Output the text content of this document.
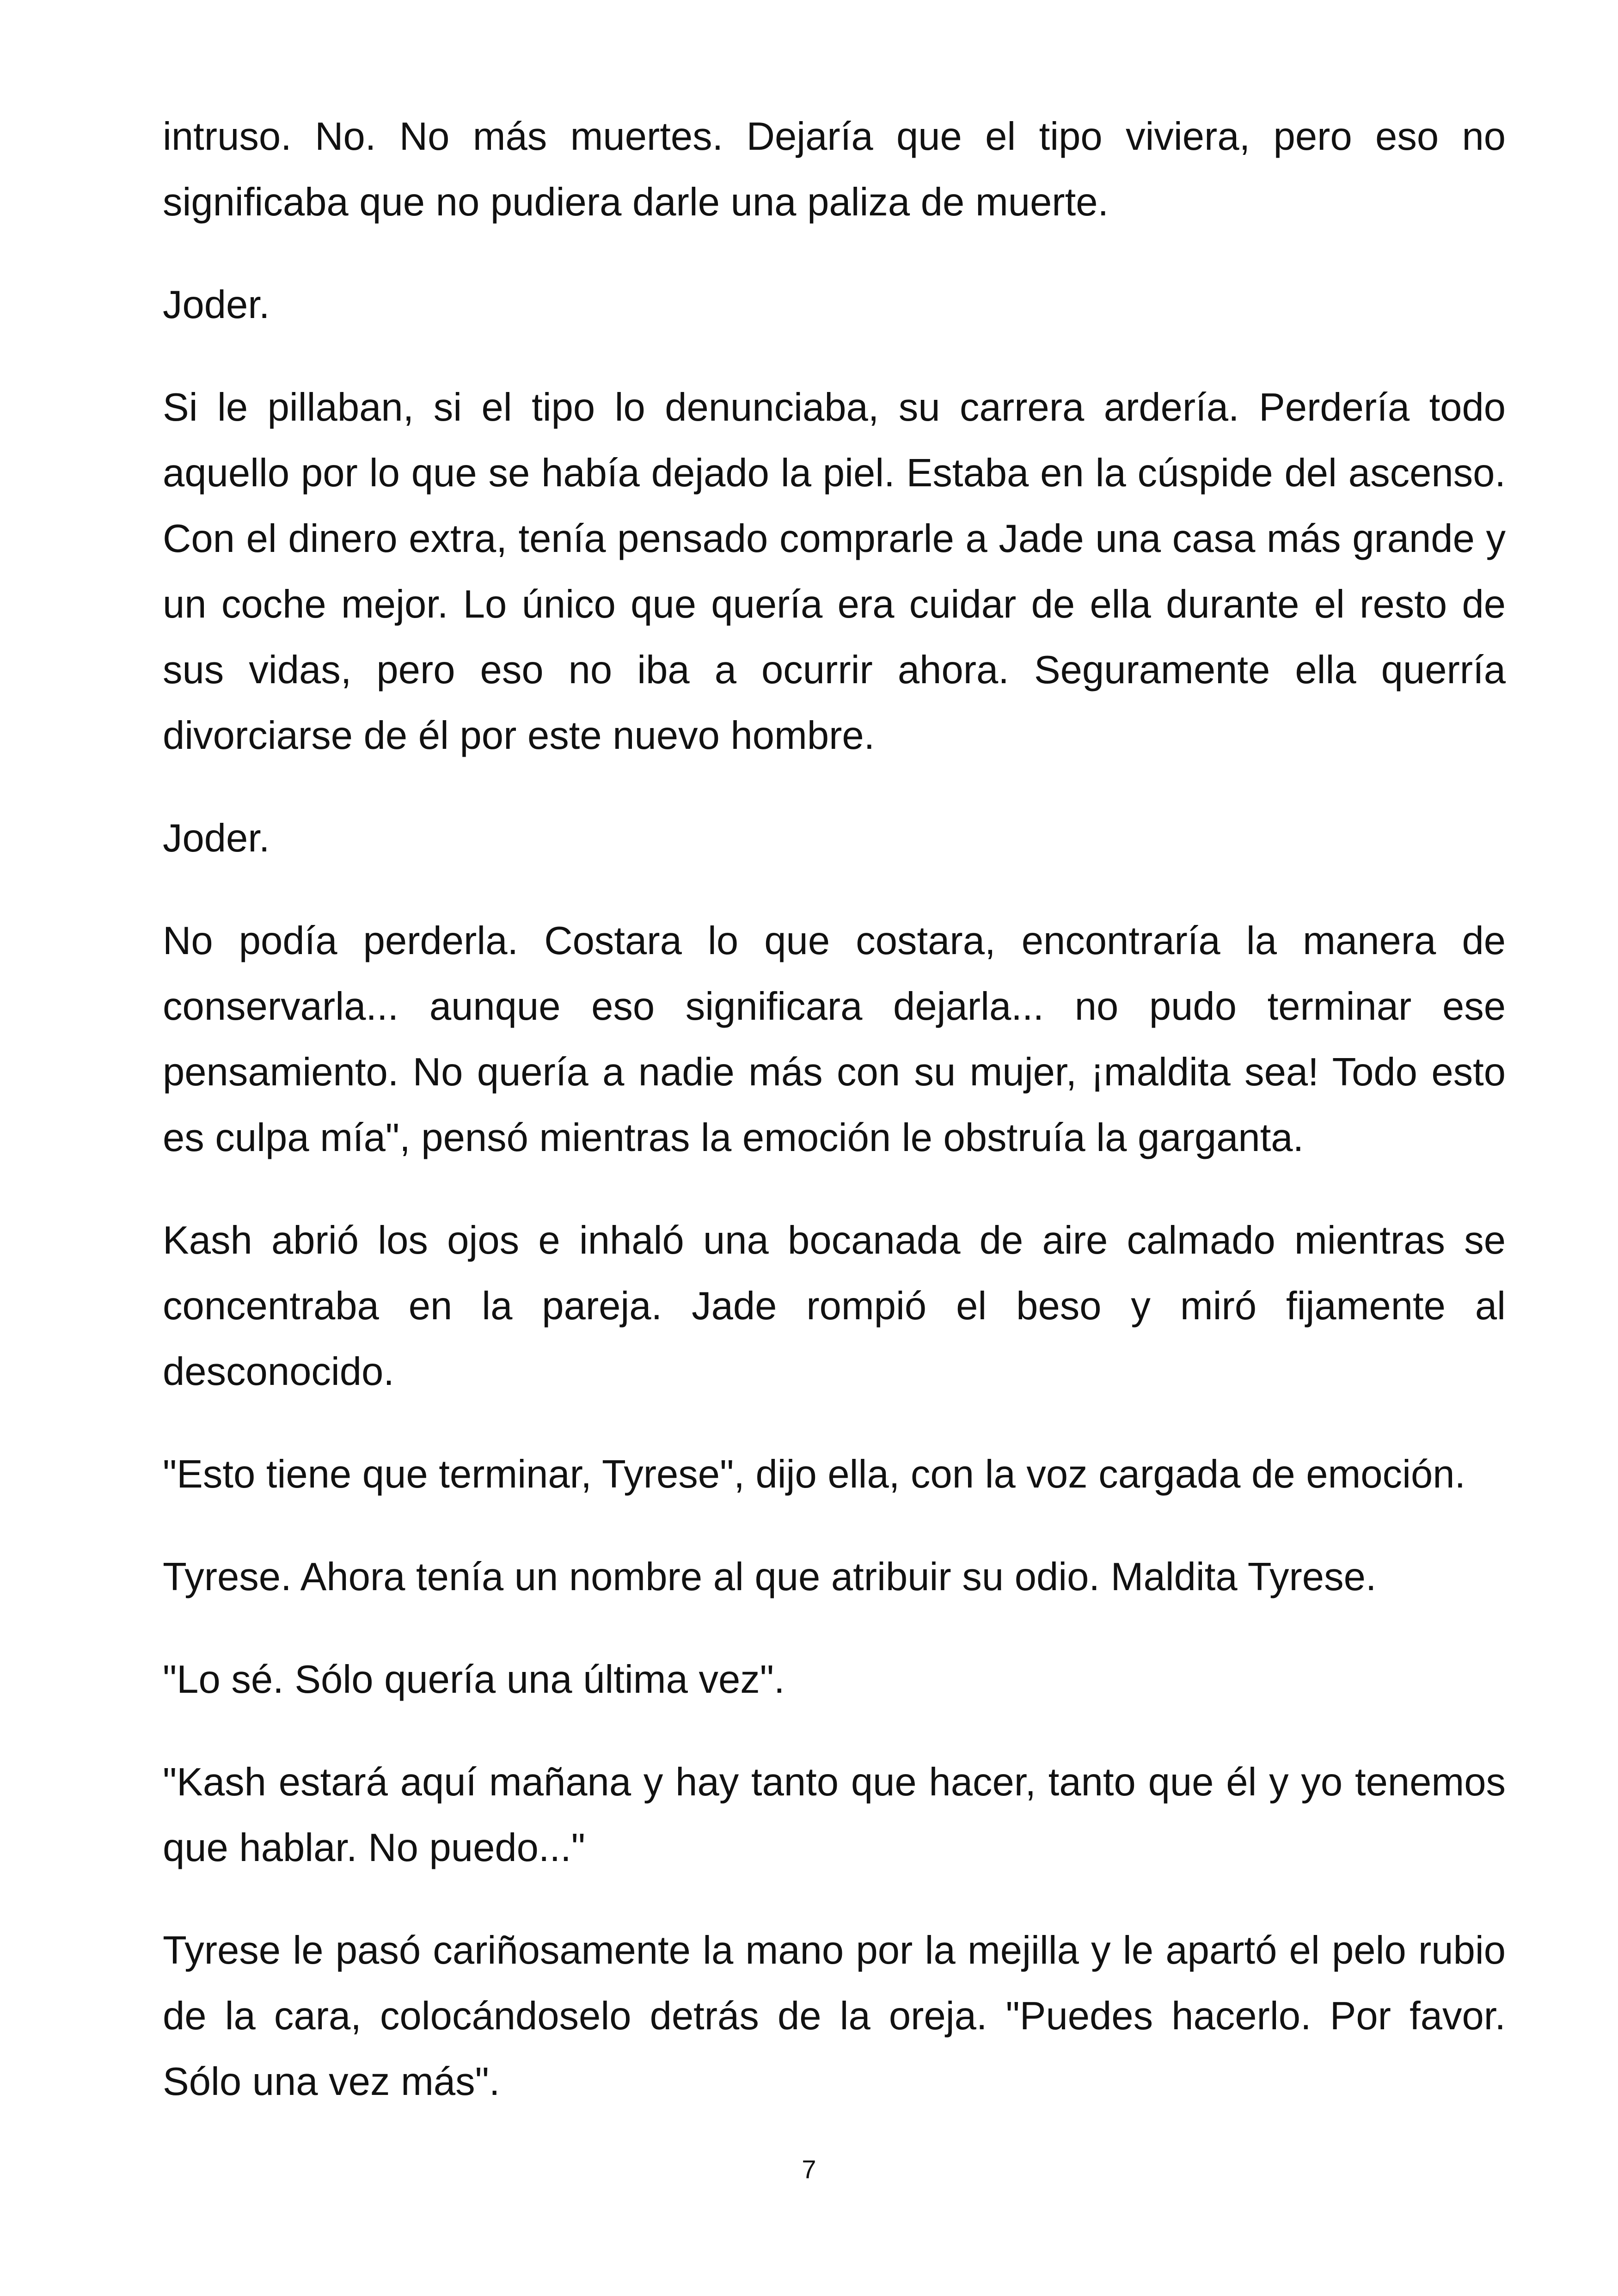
intruso. No. No más muertes. Dejaría que el tipo viviera, pero eso no significaba que no pudiera darle una paliza de muerte.

Joder.

Si le pillaban, si el tipo lo denunciaba, su carrera ardería. Perdería todo aquello por lo que se había dejado la piel. Estaba en la cúspide del ascenso. Con el dinero extra, tenía pensado comprarle a Jade una casa más grande y un coche mejor. Lo único que quería era cuidar de ella durante el resto de sus vidas, pero eso no iba a ocurrir ahora. Seguramente ella querría divorciarse de él por este nuevo hombre.

Joder.

No podía perderla. Costara lo que costara, encontraría la manera de conservarla... aunque eso significara dejarla... no pudo terminar ese pensamiento. No quería a nadie más con su mujer, ¡maldita sea! Todo esto es culpa mía", pensó mientras la emoción le obstruía la garganta.

Kash abrió los ojos e inhaló una bocanada de aire calmado mientras se concentraba en la pareja. Jade rompió el beso y miró fijamente al desconocido.

"Esto tiene que terminar, Tyrese", dijo ella, con la voz cargada de emoción.

Tyrese. Ahora tenía un nombre al que atribuir su odio. Maldita Tyrese.

"Lo sé. Sólo quería una última vez".

"Kash estará aquí mañana y hay tanto que hacer, tanto que él y yo tenemos que hablar. No puedo..."

Tyrese le pasó cariñosamente la mano por la mejilla y le apartó el pelo rubio de la cara, colocándoselo detrás de la oreja. "Puedes hacerlo. Por favor. Sólo una vez más".

7
